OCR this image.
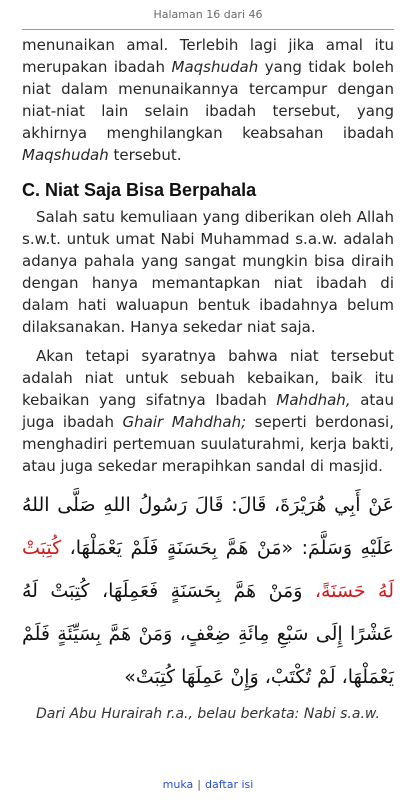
Halaman 16 dari 46

menunaikan amal. Terlebih lagi jika amal itu merupakan ibadah Maqshudah yang tidak boleh niat dalam menunaikannya tercampur dengan niat-niat lain selain ibadah tersebut, yang akhirnya menghilangkan keabsahan ibadah Maqshudah tersebut.

C. Niat Saja Bisa Berpahala

Salah satu kemuliaan yang diberikan oleh Allah s.w.t. untuk umat Nabi Muhammad s.a.w. adalah adanya pahala yang sangat mungkin bisa diraih dengan hanya memantapkan niat ibadah di dalam hati waluapun bentuk ibadahnya belum dilaksanakan. Hanya sekedar niat saja.

Akan tetapi syaratnya bahwa niat tersebut adalah niat untuk sebuah kebaikan, baik itu kebaikan yang sifatnya Ibadah Mahdhah, atau juga ibadah Ghair Mahdhah; seperti berdonasi, menghadiri pertemuan suulaturahmi, kerja bakti, atau juga sekedar merapihkan sandal di masjid.

عَنْ أَبِي هُرَيْرَةَ، قَالَ: قَالَ رَسُولُ اللهِ صَلَّى اللهُ عَلَيْهِ وَسَلَّمَ: «مَنْ هَمَّ بِحَسَنَةٍ فَلَمْ يَعْمَلْهَا، كُتِبَتْ لَهُ حَسَنَةً، وَمَنْ هَمَّ بِحَسَنَةٍ فَعَمِلَهَا، كُتِبَتْ لَهُ عَشْرًا إِلَى سَبْعِ مِائَةِ ضِعْفٍ، وَمَنْ هَمَّ بِسَيِّئَةٍ فَلَمْ يَعْمَلْهَا، لَمْ تُكْتَبْ، وَإِنْ عَمِلَهَا كُتِبَتْ»

Dari Abu Hurairah r.a., belau berkata: Nabi s.a.w.

muka | daftar isi
